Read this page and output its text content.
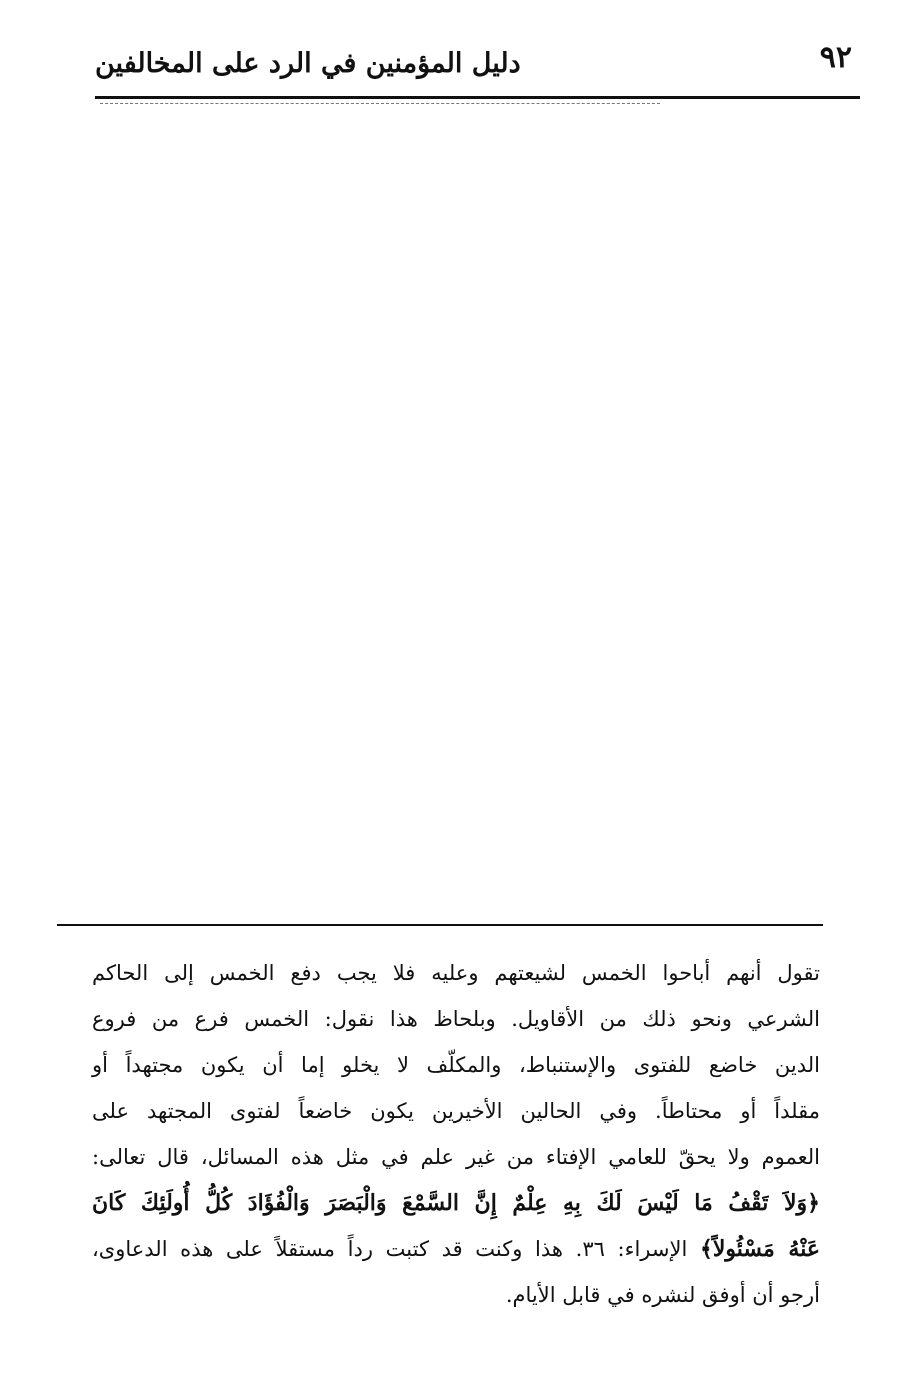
٩٢
دليل المؤمنين في الرد على المخالفين
تقول أنهم أباحوا الخمس لشيعتهم وعليه فلا يجب دفع الخمس إلى الحاكم
الشرعي ونحو ذلك من الأقاويل. وبلحاظ هذا نقول: الخمس فرع من فروع
الدين خاضع للفتوى والإستنباط، والمكلّف لا يخلو إما أن يكون مجتهداً أو
مقلداً أو محتاطاً. وفي الحالين الأخيرين يكون خاضعاً لفتوى المجتهد على
العموم ولا يحقّ للعامي الإفتاء من غير علم في مثل هذه المسائل، قال تعالى:
﴿وَلاَ تَقْفُ مَا لَيْسَ لَكَ بِهِ عِلْمٌ إِنَّ السَّمْعَ وَالْبَصَرَ وَالْفُؤَادَ كُلُّ أُولَئِكَ كَانَ
عَنْهُ مَسْئُولاً﴾ الإسراء: ٣٦. هذا وكنت قد كتبت رداً مستقلاً على هذه الدعاوى،
أرجو أن أوفق لنشره في قابل الأيام.
